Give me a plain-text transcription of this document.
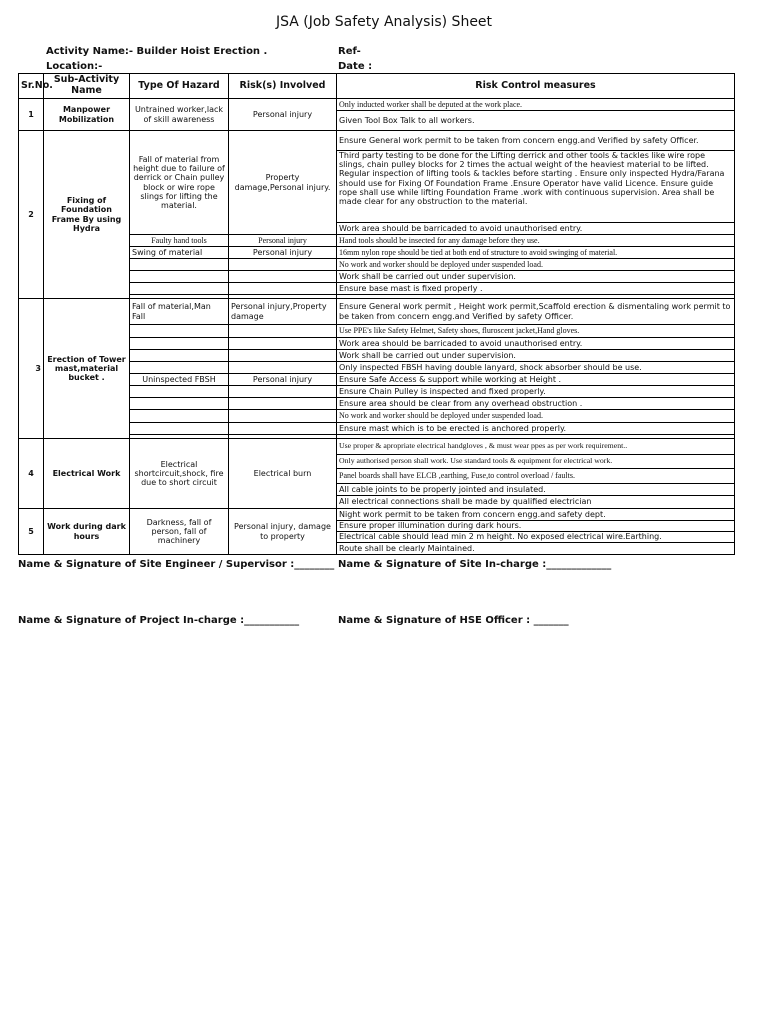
JSA (Job Safety Analysis) Sheet
Activity Name:- Builder Hoist Erection .	Ref-
Location:-	Date :
Sr.No.	Sub-Activity Name	Type Of Hazard	Risk(s) Involved	Risk Control measures
1	Manpower Mobilization	Untrained worker,lack of skill awareness	Personal injury	Only inducted worker shall be deputed at the work place.
				Given Tool Box Talk to all workers.
2	Fixing of Foundation Frame By using Hydra	Fall of material from height due to failure of derrick or Chain pulley block or wire rope slings for lifting the material.	Property damage,Personal injury.	Ensure General work permit to be taken from concern engg.and Verified by safety Officer.
				Third party testing to be done for the Lifting derrick and other tools & tackles like wire rope slings, chain pulley blocks for 2 times the actual weight of the heaviest material to be lifted. Regular inspection of lifting tools & tackles before starting . Ensure only inspected Hydra/Farana should use for Fixing Of Foundation Frame .Ensure Operator have valid Licence. Ensure guide rope shall use while lifting Foundation Frame .work with continuous supervision. Area shall be made clear for any obstruction to the material.
				Work area should be barricaded to avoid unauthorised entry.
		Faulty hand tools	Personal injury	Hand tools should be insected for any damage before they use.
		Swing of material	Personal injury	16mm nylon rope should be tied at both end of structure to avoid swinging of material.
				No work and worker should be deployed under suspended load.
				Work shall be carried out under supervision.
				Ensure base mast is fixed properly .

3	Erection of Tower mast,material bucket .	Fall of material,Man Fall	Personal injury,Property damage	Ensure General work permit , Height work permit,Scaffold erection & dismentaling work permit to be taken from concern engg.and Verified by safety Officer.
				Use PPE's like Safety Helmet, Safety shoes, fluroscent jacket,Hand gloves.
				Work area should be barricaded to avoid unauthorised entry.
				Work shall be carried out under supervision.
				Only inspected FBSH having double lanyard, shock absorber should be use.
		Uninspected FBSH	Personal injury	Ensure Safe Access & support while working at Height .
				Ensure Chain Pulley is inspected and fixed properly.
				Ensure area should be clear from any overhead obstruction .
				No work and worker should be deployed under suspended load.
				Ensure mast which is to be erected is anchored properly.

4	Electrical Work	Electrical shortcircuit,shock, fire due to short circuit	Electrical burn	Use proper & apropriate electrical handgloves , & must wear ppes as per work requirement..
				Only authorised person shall work. Use standard tools & equipment for electrical work.
				Panel boards shall have ELCB ,earthing, Fuse,to control overload / faults.
				All cable joints to be properly jointed and insulated.
				All electrical connections shall be made by qualified electrician
5	Work during dark hours	Darkness, fall of person, fall of machinery	Personal injury, damage to property	Night work permit to be taken from concern engg.and safety dept.
				Ensure proper illumination during dark hours.
				Electrical cable should lead min 2 m height. No exposed electrical wire.Earthing.
				Route shall be clearly Maintained.
Name & Signature of Site Engineer / Supervisor :________ Name & Signature of Site In-charge :_____________
Name & Signature of Project In-charge :___________	Name & Signature of HSE Officer : _______
